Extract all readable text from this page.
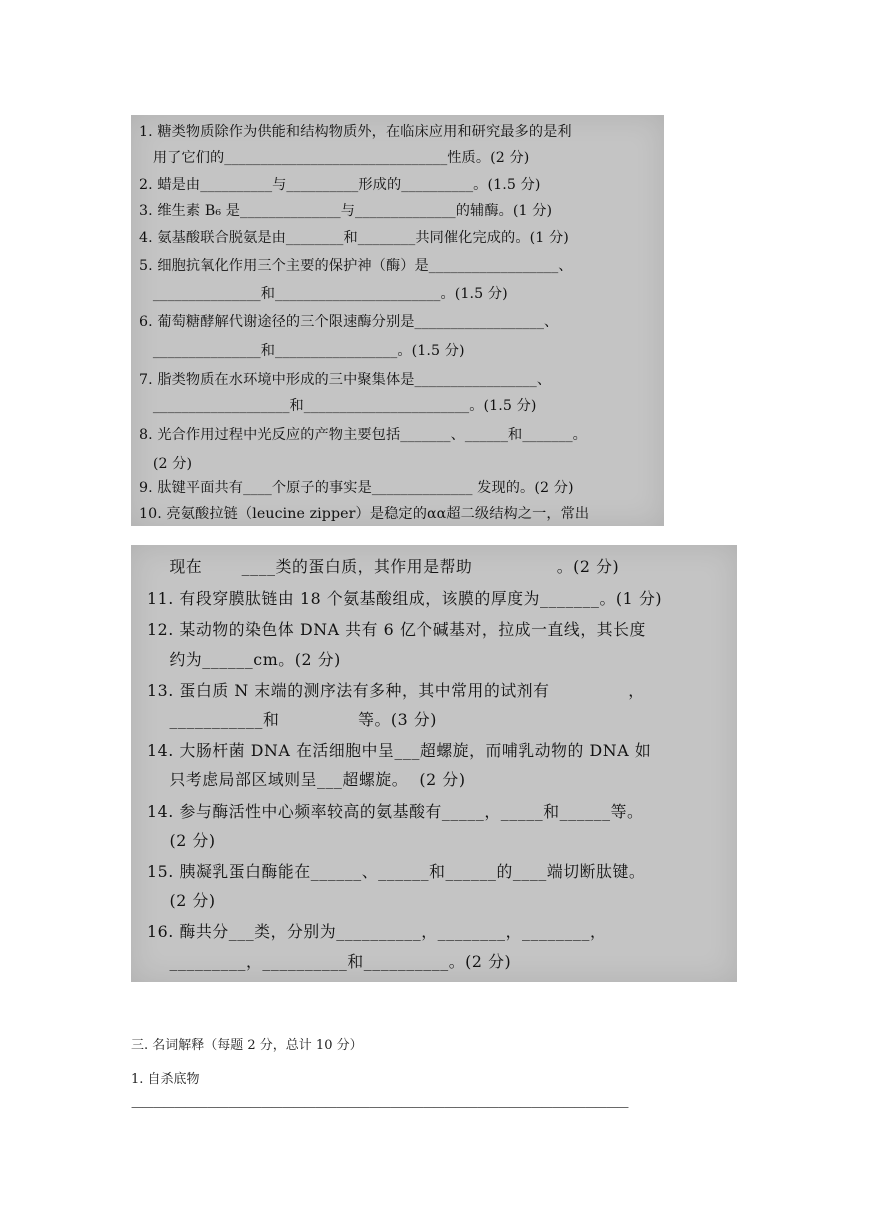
1. 糖类物质除作为供能和结构物质外，在临床应用和研究最多的是利
用了它们的_______________________________性质。(2 分)
2. 蜡是由__________与__________形成的__________。(1.5 分)
3. 维生素 B₆ 是______________与______________的辅酶。(1 分)
4. 氨基酸联合脱氨是由________和________共同催化完成的。(1 分)
5. 细胞抗氧化作用三个主要的保护神（酶）是__________________、
_______________和_______________________。(1.5 分)
6. 葡萄糖酵解代谢途径的三个限速酶分别是__________________、
_______________和_________________。(1.5 分)
7. 脂类物质在水环境中形成的三中聚集体是_________________、
___________________和_______________________。(1.5 分)
8. 光合作用过程中光反应的产物主要包括_______、______和_______。
(2 分)
9. 肽键平面共有____个原子的事实是______________ 发现的。(2 分)
10. 亮氨酸拉链（leucine zipper）是稳定的αα超二级结构之一，常出
现在       ____类的蛋白质，其作用是帮助               。(2 分)
11. 有段穿膜肽链由 18 个氨基酸组成，该膜的厚度为_______。(1 分)
12. 某动物的染色体 DNA 共有 6 亿个碱基对，拉成一直线，其长度
约为______cm。(2 分)
13. 蛋白质 N 末端的测序法有多种，其中常用的试剂有              ，
___________和              等。(3 分)
14. 大肠杆菌 DNA 在活细胞中呈___超螺旋，而哺乳动物的 DNA 如
只考虑局部区域则呈___超螺旋。  (2 分)
14. 参与酶活性中心频率较高的氨基酸有_____，_____和______等。
(2 分)
15. 胰凝乳蛋白酶能在______、______和______的____端切断肽键。
(2 分)
16. 酶共分___类，分别为__________，________，________，
_________，__________和__________。(2 分)
三. 名词解释（每题 2 分，总计 10 分）
1. 自杀底物
——————————————————————————————————————————————
